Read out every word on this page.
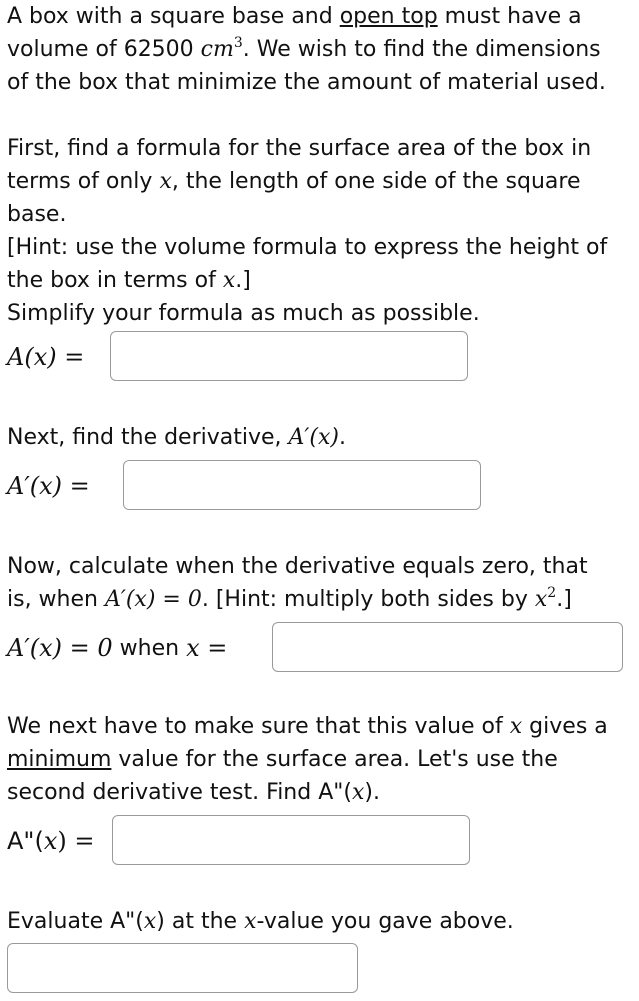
A box with a square base and open top must have a

volume of 62500 $cm^3$. We wish to find the dimensions

of the box that minimize the amount of material used.

First, find a formula for the surface area of the box in

terms of only x, the length of one side of the square

base.

[Hint: use the volume formula to express the height of

the box in terms of x.]

Simplify your formula as much as possible.

A(x) =

Next, find the derivative, A′(x).

A′(x) =

Now, calculate when the derivative equals zero, that

is, when A′(x) = 0. [Hint: multiply both sides by $x^2$.]

A′(x) = 0 when x =

We next have to make sure that this value of x gives a

minimum value for the surface area. Let's use the

second derivative test. Find A"(x).

A"(x) =

Evaluate A"(x) at the x-value you gave above.
